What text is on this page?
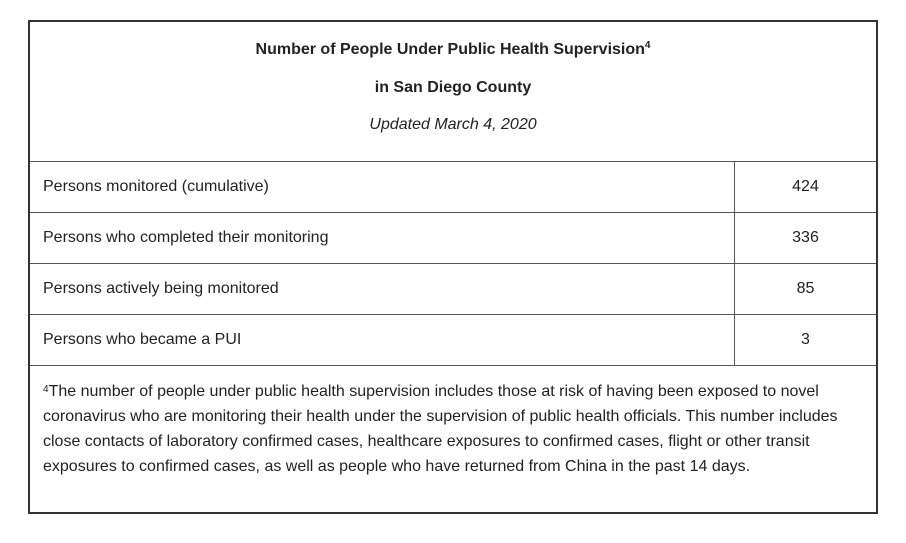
Number of People Under Public Health Supervision$^4$
in San Diego County
Updated March 4, 2020
Persons monitored (cumulative)	424
Persons who completed their monitoring	336
Persons actively being monitored	85
Persons who became a PUI	3
$^4$The number of people under public health supervision includes those at risk of having been exposed to novel coronavirus who are monitoring their health under the supervision of public health officials. This number includes close contacts of laboratory confirmed cases, healthcare exposures to confirmed cases, flight or other transit exposures to confirmed cases, as well as people who have returned from China in the past 14 days.
